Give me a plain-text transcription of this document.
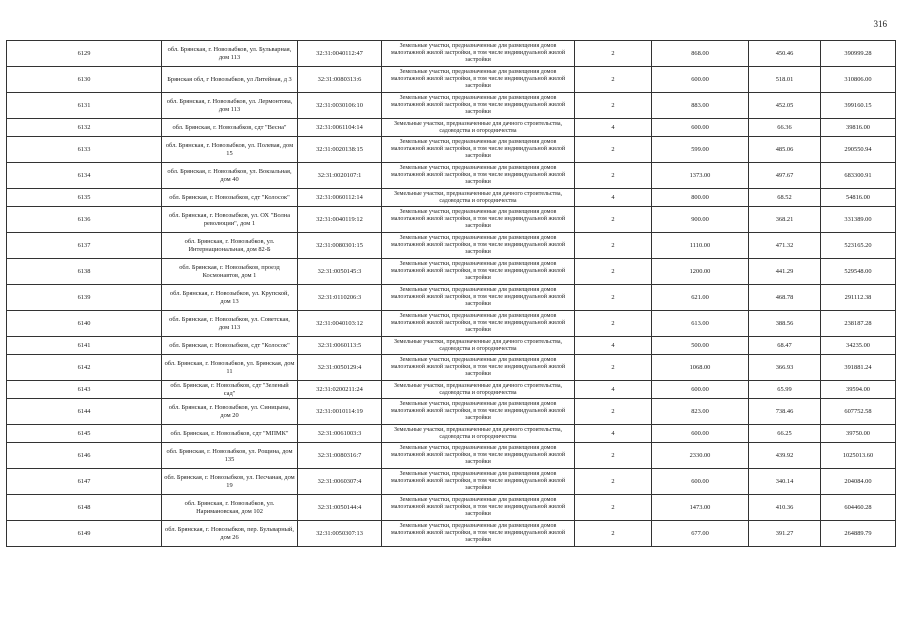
316
6129	обл. Брянская, г. Новозыбков, ул. Бульварная, дом 113	32:31:0040112:47	Земельные участки, предназначенные для размещения домов малоэтажной жилой застройки, в том числе индивидуальной жилой застройки	2	868.00	450.46	390999.28
6130	Брянская обл, г Новозыбков, ул Литейная, д 3	32:31:0080313:6	Земельные участки, предназначенные для размещения домов малоэтажной жилой застройки, в том числе индивидуальной жилой застройки	2	600.00	518.01	310806.00
6131	обл. Брянская, г. Новозыбков, ул. Лермонтова, дом 113	32:31:0030106:10	Земельные участки, предназначенные для размещения домов малоэтажной жилой застройки, в том числе индивидуальной жилой застройки	2	883.00	452.05	399160.15
6132	обл. Брянская, г. Новозыбков, сдт "Весна"	32:31:0061104:14	Земельные участки, предназначенные для дачного строительства, садоводства и огородничества	4	600.00	66.36	39816.00
6133	обл. Брянская, г. Новозыбков, ул. Полевая, дом 15	32:31:0020138:15	Земельные участки, предназначенные для размещения домов малоэтажной жилой застройки, в том числе индивидуальной жилой застройки	2	599.00	485.06	290550.94
6134	обл. Брянская, г. Новозыбков, ул. Вокзальная, дом 40	32:31:0020107:1	Земельные участки, предназначенные для размещения домов малоэтажной жилой застройки, в том числе индивидуальной жилой застройки	2	1373.00	497.67	683300.91
6135	обл. Брянская, г. Новозыбков, сдт "Колосок"	32:31:0060112:14	Земельные участки, предназначенные для дачного строительства, садоводства и огородничества	4	800.00	68.52	54816.00
6136	обл. Брянская, г. Новозыбков, ул. ОХ "Волна революции", дом 1	32:31:0040119:12	Земельные участки, предназначенные для размещения домов малоэтажной жилой застройки, в том числе индивидуальной жилой застройки	2	900.00	368.21	331389.00
6137	обл. Брянская, г. Новозыбков, ул. Интернациональная, дом 82-Б	32:31:0080301:15	Земельные участки, предназначенные для размещения домов малоэтажной жилой застройки, в том числе индивидуальной жилой застройки	2	1110.00	471.32	523165.20
6138	обл. Брянская, г. Новозыбков, проезд Космонавтов, дом 1	32:31:0050145:3	Земельные участки, предназначенные для размещения домов малоэтажной жилой застройки, в том числе индивидуальной жилой застройки	2	1200.00	441.29	529548.00
6139	обл. Брянская, г. Новозыбков, ул. Крупской, дом 13	32:31:0110206:3	Земельные участки, предназначенные для размещения домов малоэтажной жилой застройки, в том числе индивидуальной жилой застройки	2	621.00	468.78	291112.38
6140	обл. Брянская, г. Новозыбков, ул. Советская, дом 113	32:31:0040103:12	Земельные участки, предназначенные для размещения домов малоэтажной жилой застройки, в том числе индивидуальной жилой застройки	2	613.00	388.56	238187.28
6141	обл. Брянская, г. Новозыбков, сдт "Колосок"	32:31:0060113:5	Земельные участки, предназначенные для дачного строительства, садоводства и огородничества	4	500.00	68.47	34235.00
6142	обл. Брянская, г. Новозыбков, ул. Брянская, дом 11	32:31:0050129:4	Земельные участки, предназначенные для размещения домов малоэтажной жилой застройки, в том числе индивидуальной жилой застройки	2	1068.00	366.93	391881.24
6143	обл. Брянская, г. Новозыбков, сдт "Зеленый сад"	32:31:0200211:24	Земельные участки, предназначенные для дачного строительства, садоводства и огородничества	4	600.00	65.99	39594.00
6144	обл. Брянская, г. Новозыбков, ул. Синицына, дом 20	32:31:0010114:19	Земельные участки, предназначенные для размещения домов малоэтажной жилой застройки, в том числе индивидуальной жилой застройки	2	823.00	738.46	607752.58
6145	обл. Брянская, г. Новозыбков, сдт "МПМК"	32:31:0061003:3	Земельные участки, предназначенные для дачного строительства, садоводства и огородничества	4	600.00	66.25	39750.00
6146	обл. Брянская, г. Новозыбков, ул. Рощина, дом 135	32:31:0080316:7	Земельные участки, предназначенные для размещения домов малоэтажной жилой застройки, в том числе индивидуальной жилой застройки	2	2330.00	439.92	1025013.60
6147	обл. Брянская, г. Новозыбков, ул. Песчаная, дом 19	32:31:0060307:4	Земельные участки, предназначенные для размещения домов малоэтажной жилой застройки, в том числе индивидуальной жилой застройки	2	600.00	340.14	204084.00
6148	обл. Брянская, г. Новозыбков, ул. Наримановская, дом 102	32:31:0050144:4	Земельные участки, предназначенные для размещения домов малоэтажной жилой застройки, в том числе индивидуальной жилой застройки	2	1473.00	410.36	604460.28
6149	обл. Брянская, г. Новозыбков, пер. Бульварный, дом 26	32:31:0050307:13	Земельные участки, предназначенные для размещения домов малоэтажной жилой застройки, в том числе индивидуальной жилой застройки	2	677.00	391.27	264889.79
